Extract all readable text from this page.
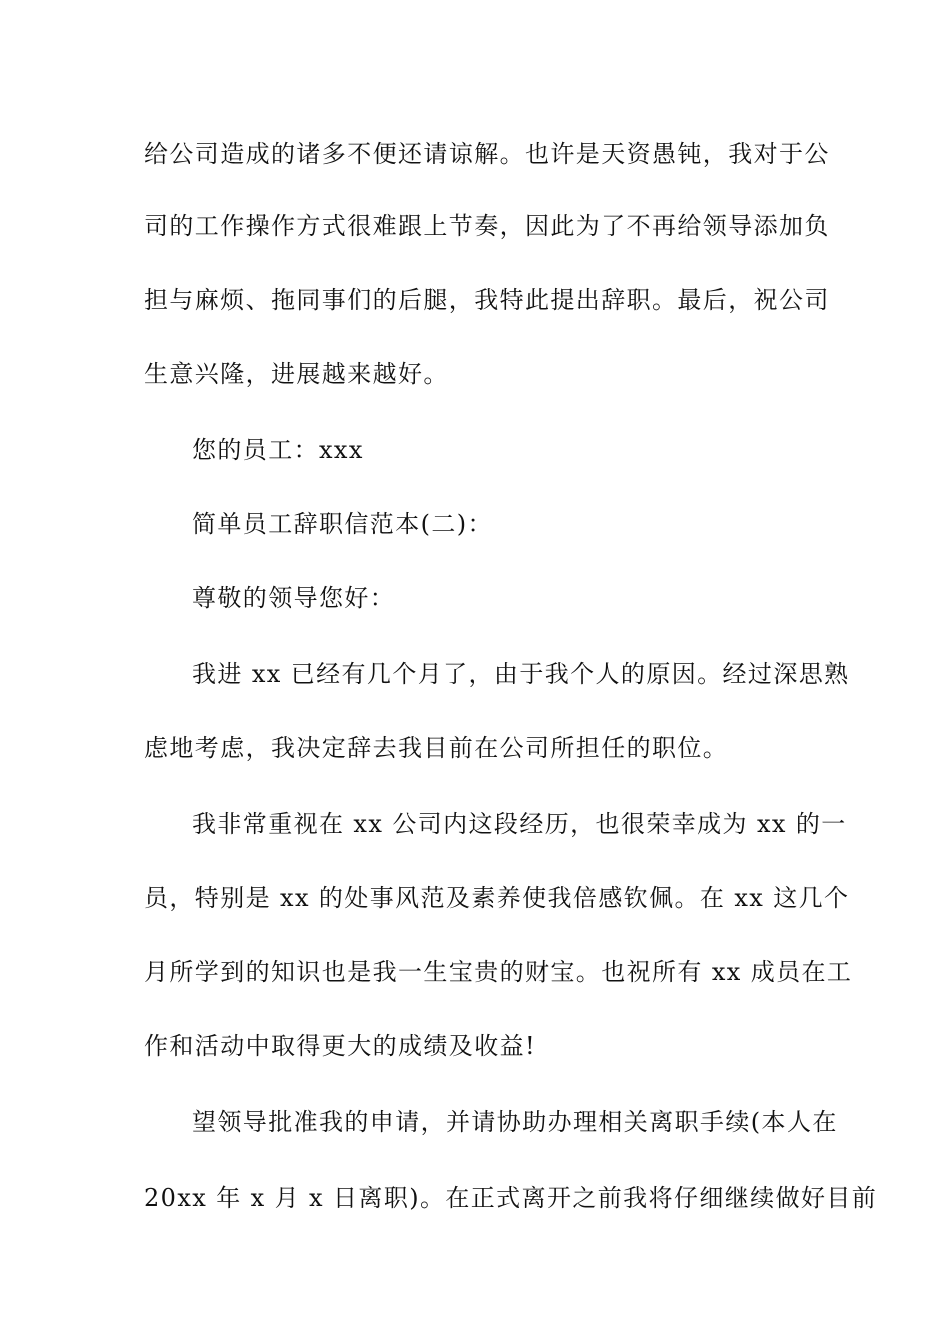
给公司造成的诸多不便还请谅解。也许是天资愚钝，我对于公
司的工作操作方式很难跟上节奏，因此为了不再给领导添加负
担与麻烦、拖同事们的后腿，我特此提出辞职。最后，祝公司
生意兴隆，进展越来越好。
您的员工：xxx
简单员工辞职信范本(二)：
尊敬的领导您好：
我进 xx 已经有几个月了，由于我个人的原因。经过深思熟
虑地考虑，我决定辞去我目前在公司所担任的职位。
我非常重视在 xx 公司内这段经历，也很荣幸成为 xx 的一
员，特别是 xx 的处事风范及素养使我倍感钦佩。在 xx 这几个
月所学到的知识也是我一生宝贵的财宝。也祝所有 xx 成员在工
作和活动中取得更大的成绩及收益!
望领导批准我的申请，并请协助办理相关离职手续(本人在
20xx 年 x 月 x 日离职)。在正式离开之前我将仔细继续做好目前
